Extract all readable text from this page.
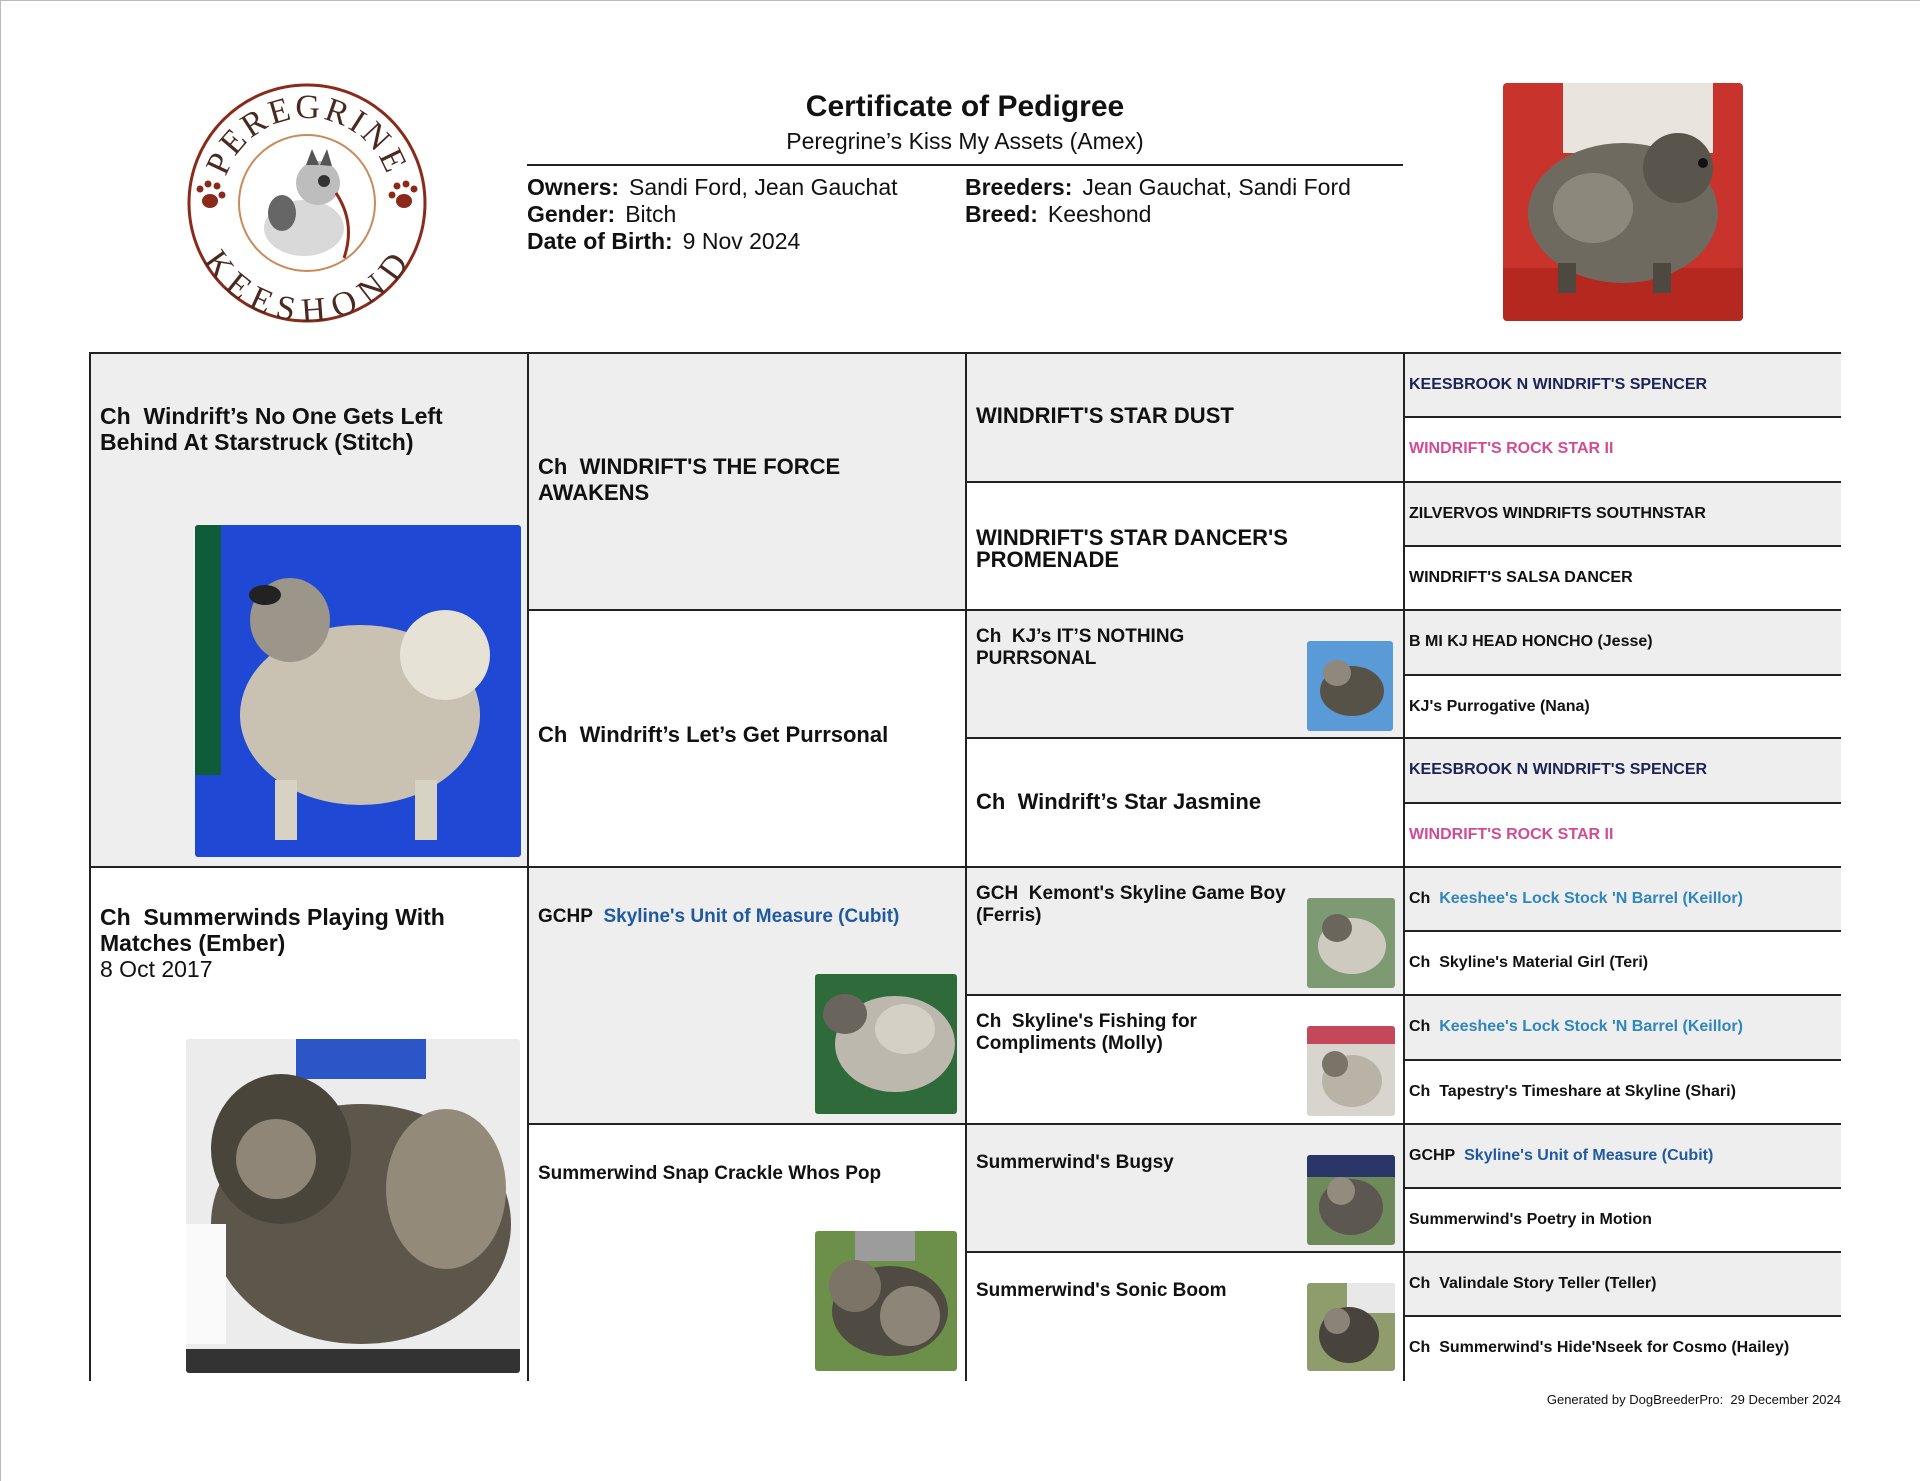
PEREGRINE
KEESHOND
Certificate of Pedigree
Peregrine’s Kiss My Assets (Amex)
Owners: Sandi Ford, Jean Gauchat
Gender: Bitch
Date of Birth: 9 Nov 2024
Breeders: Jean Gauchat, Sandi Ford
Breed: Keeshond
Ch Windrift’s No One Gets Left Behind At Starstruck (Stitch)
Ch Summerwinds Playing With Matches (Ember)
8 Oct 2017
Ch WINDRIFT'S THE FORCE AWAKENS
Ch Windrift’s Let’s Get Purrsonal
GCHP Skyline's Unit of Measure (Cubit)
Summerwind Snap Crackle Whos Pop
WINDRIFT'S STAR DUST
WINDRIFT'S STAR DANCER'S PROMENADE
Ch KJ’s IT’S NOTHING PURRSONAL
Ch Windrift’s Star Jasmine
GCH Kemont's Skyline Game Boy (Ferris)
Ch Skyline's Fishing for Compliments (Molly)
Summerwind's Bugsy
Summerwind's Sonic Boom
KEESBROOK N WINDRIFT'S SPENCER
WINDRIFT'S ROCK STAR II
ZILVERVOS WINDRIFTS SOUTHNSTAR
WINDRIFT'S SALSA DANCER
B MI KJ HEAD HONCHO (Jesse)
KJ's Purrogative (Nana)
KEESBROOK N WINDRIFT'S SPENCER
WINDRIFT'S ROCK STAR II
Ch Keeshee's Lock Stock 'N Barrel (Keillor)
Ch Skyline's Material Girl (Teri)
Ch Keeshee's Lock Stock 'N Barrel (Keillor)
Ch Tapestry's Timeshare at Skyline (Shari)
GCHP Skyline's Unit of Measure (Cubit)
Summerwind's Poetry in Motion
Ch Valindale Story Teller (Teller)
Ch Summerwind's Hide'Nseek for Cosmo (Hailey)
Generated by DogBreederPro: 29 December 2024
